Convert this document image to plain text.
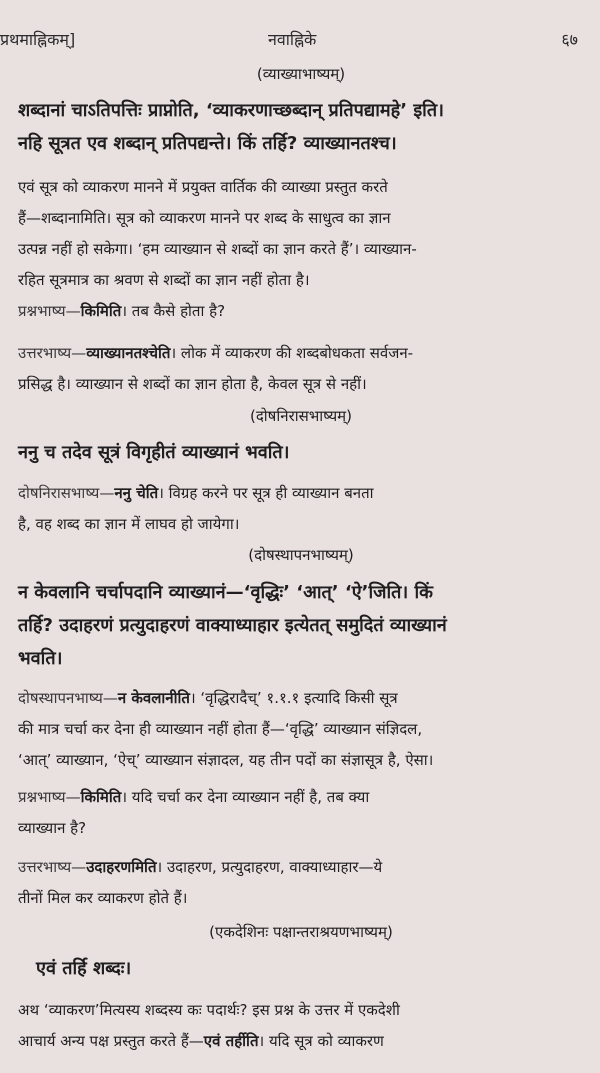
प्रथमाह्निकम्]	नवाह्निके	६७
(व्याख्याभाष्यम्)

शब्दानां चाऽतिपत्तिः प्राप्नोति, ‘व्याकरणाच्छब्दान् प्रतिपद्यामहे’ इति।

नहि सूत्रत एव शब्दान् प्रतिपद्यन्ते। किं तर्हि? व्याख्यानतश्च।

एवं सूत्र को व्याकरण मानने में प्रयुक्त वार्तिक की व्याख्या प्रस्तुत करते

हैं—शब्दानामिति। सूत्र को व्याकरण मानने पर शब्द के साधुत्व का ज्ञान

उत्पन्न नहीं हो सकेगा। ‘हम व्याख्यान से शब्दों का ज्ञान करते हैं’। व्याख्यान-

रहित सूत्रमात्र का श्रवण से शब्दों का ज्ञान नहीं होता है।

प्रश्नभाष्य—किमिति। तब कैसे होता है?

उत्तरभाष्य—व्याख्यानतश्चेति। लोक में व्याकरण की शब्दबोधकता सर्वजन-

प्रसिद्ध है। व्याख्यान से शब्दों का ज्ञान होता है, केवल सूत्र से नहीं।

(दोषनिरासभाष्यम्)

ननु च तदेव सूत्रं विगृहीतं व्याख्यानं भवति।

दोषनिरासभाष्य—ननु चेति। विग्रह करने पर सूत्र ही व्याख्यान बनता

है, वह शब्द का ज्ञान में लाघव हो जायेगा।

(दोषस्थापनभाष्यम्)

न केवलानि चर्चापदानि व्याख्यानं—‘वृद्धिः’ ‘आत्’ ‘ऐ’जिति। किं

तर्हि? उदाहरणं प्रत्युदाहरणं वाक्याध्याहार इत्येतत् समुदितं व्याख्यानं

भवति।

दोषस्थापनभाष्य—न केवलानीति। ‘वृद्धिरादैच्’ १.१.१ इत्यादि किसी सूत्र

की मात्र चर्चा कर देना ही व्याख्यान नहीं होता हैं—‘वृद्धि’ व्याख्यान संज्ञिदल,

‘आत्’ व्याख्यान, ‘ऐच्’ व्याख्यान संज्ञादल, यह तीन पदों का संज्ञासूत्र है, ऐसा।

प्रश्नभाष्य—किमिति। यदि चर्चा कर देना व्याख्यान नहीं है, तब क्या

व्याख्यान है?

उत्तरभाष्य—उदाहरणमिति। उदाहरण, प्रत्युदाहरण, वाक्याध्याहार—ये

तीनों मिल कर व्याकरण होते हैं।

(एकदेशिनः पक्षान्तराश्रयणभाष्यम्)

एवं तर्हि शब्दः।

अथ ‘व्याकरण’मित्यस्य शब्दस्य कः पदार्थः? इस प्रश्न के उत्तर में एकदेशी

आचार्य अन्य पक्ष प्रस्तुत करते हैं—एवं तर्हीति। यदि सूत्र को व्याकरण
